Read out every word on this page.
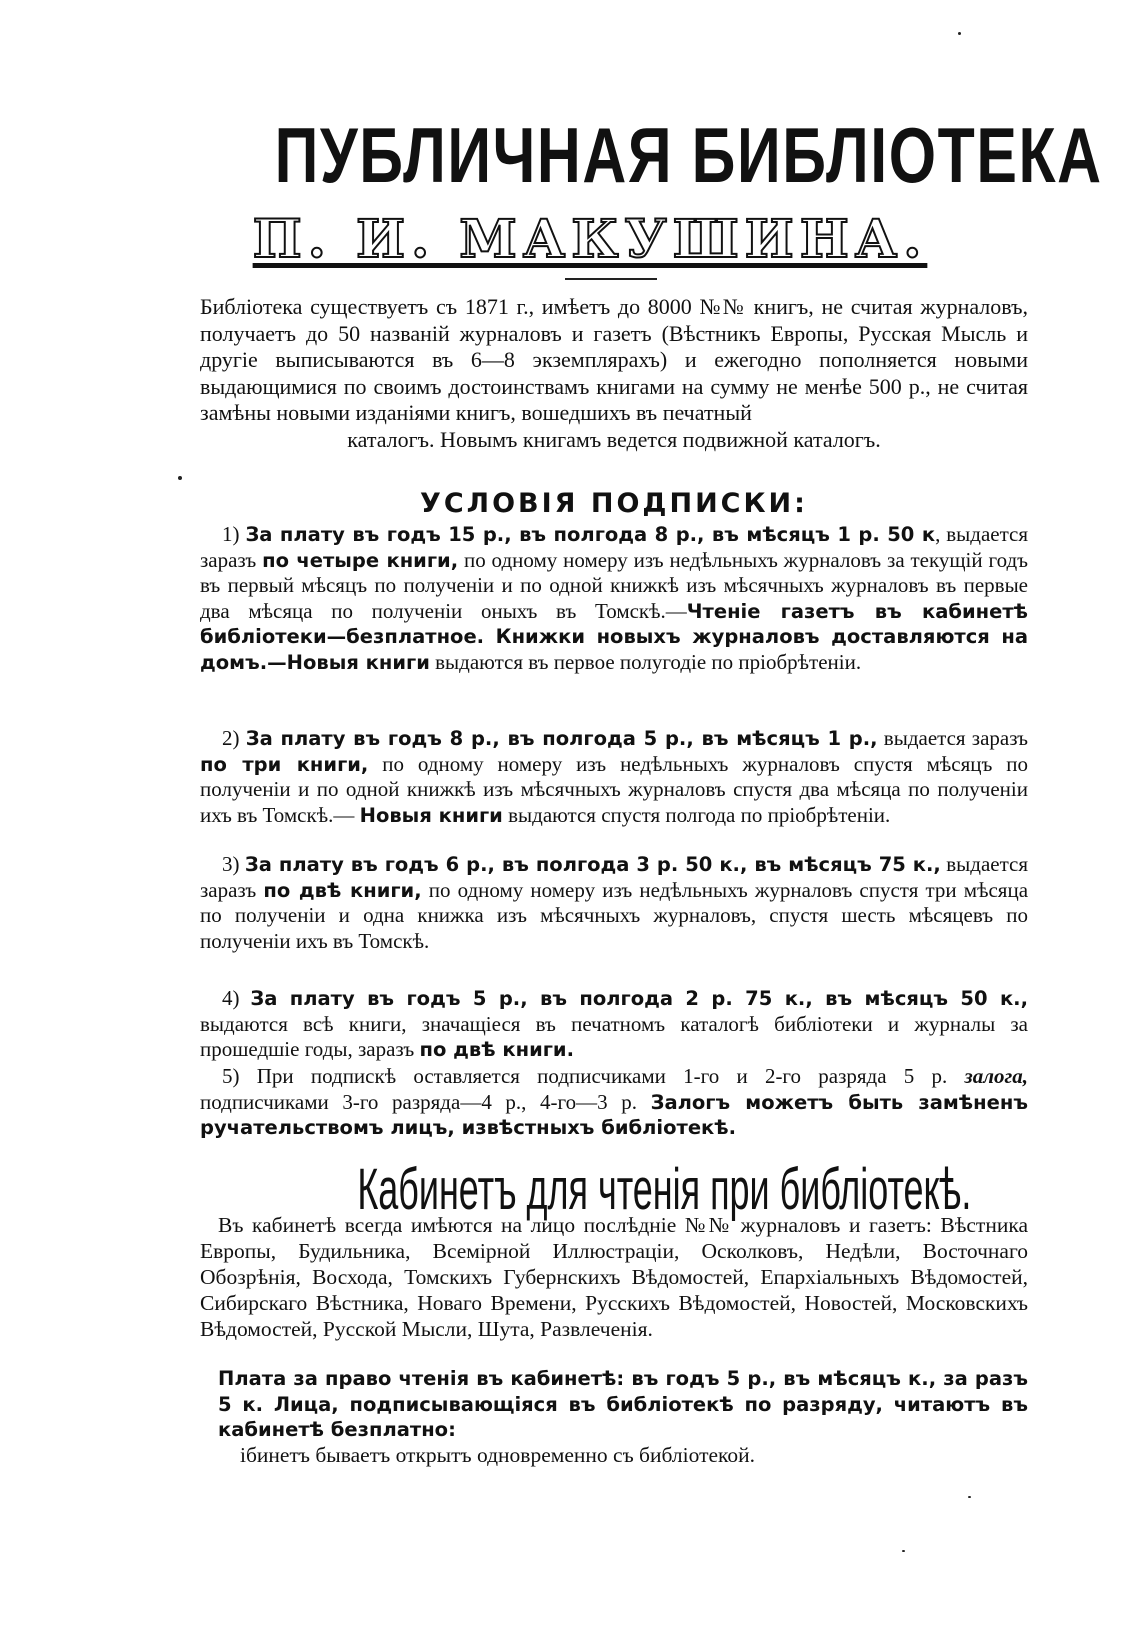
ПУБЛИЧНАЯ БИБЛІОТЕКА
П. И. МАКУШИНА.
Библіотека существуетъ съ 1871 г., имѣетъ до 8000 №№ книгъ, не считая журналовъ, получаетъ до 50 названій журналовъ и газетъ (Вѣстникъ Европы, Русская Мысль и другіе выписываются въ 6—8 экземплярахъ) и ежегодно пополняется новыми выдающимися по своимъ достоинствамъ книгами на сумму не менѣе 500 р., не считая замѣны новыми изданіями книгъ, вошедшихъ въ печатный
каталогъ. Новымъ книгамъ ведется подвижной каталогъ.
УСЛОВІЯ ПОДПИСКИ:
1) За плату въ годъ 15 р., въ полгода 8 р., въ мѣсяцъ 1 р. 50 к, выдается заразъ по четыре книги, по одному номеру изъ недѣльныхъ журналовъ за текущій годъ въ первый мѣсяцъ по полученіи и по одной книжкѣ изъ мѣсячныхъ журналовъ въ первые два мѣсяца по полученіи оныхъ въ Томскѣ.—Чтеніе газетъ въ кабинетѣ библіотеки—безплатное. Книжки новыхъ журналовъ доставляются на домъ.—Новыя книги выдаются въ первое полугодіе по пріобрѣтеніи.
2) За плату въ годъ 8 р., въ полгода 5 р., въ мѣсяцъ 1 р., выдается заразъ по три книги, по одному номеру изъ недѣльныхъ журналовъ спустя мѣсяцъ по полученіи и по одной книжкѣ изъ мѣсячныхъ журналовъ спустя два мѣсяца по полученіи ихъ въ Томскѣ.— Новыя книги выдаются спустя полгода по пріобрѣтеніи.
3) За плату въ годъ 6 р., въ полгода 3 р. 50 к., въ мѣсяцъ 75 к., выдается заразъ по двѣ книги, по одному номеру изъ недѣльныхъ журналовъ спустя три мѣсяца по полученіи и одна книжка изъ мѣсячныхъ журналовъ, спустя шесть мѣсяцевъ по полученіи ихъ въ Томскѣ.
4) За плату въ годъ 5 р., въ полгода 2 р. 75 к., въ мѣсяцъ 50 к., выдаются всѣ книги, значащіеся въ печатномъ каталогѣ библіотеки и журналы за прошедшіе годы, заразъ по двѣ книги.
5) При подпискѣ оставляется подписчиками 1-го и 2-го разряда 5 р. залога, подписчиками 3-го разряда—4 р., 4-го—3 р. Залогъ можетъ быть замѣненъ ручательствомъ лицъ, извѣстныхъ библіотекѣ.
Кабинетъ для чтенія при библіотекѣ.
Въ кабинетѣ всегда имѣются на лицо послѣдніе №№ журналовъ и газетъ: Вѣстника Европы, Будильника, Всемірной Иллюстраціи, Осколковъ, Недѣли, Восточнаго Обозрѣнія, Восхода, Томскихъ Губернскихъ Вѣдомостей, Епархіальныхъ Вѣдомостей, Сибирскаго Вѣстника, Новаго Времени, Русскихъ Вѣдомостей, Новостей, Московскихъ Вѣдомостей, Русской Мысли, Шута, Развлеченія.
Плата за право чтенія въ кабинетѣ: въ годъ 5 р., въ мѣсяцъ к., за разъ 5 к. Лица, подписывающіяся въ библіотекѣ по разряду, читаютъ въ кабинетѣ безплатно:
ібинетъ бываетъ открытъ одновременно съ библіотекой.
